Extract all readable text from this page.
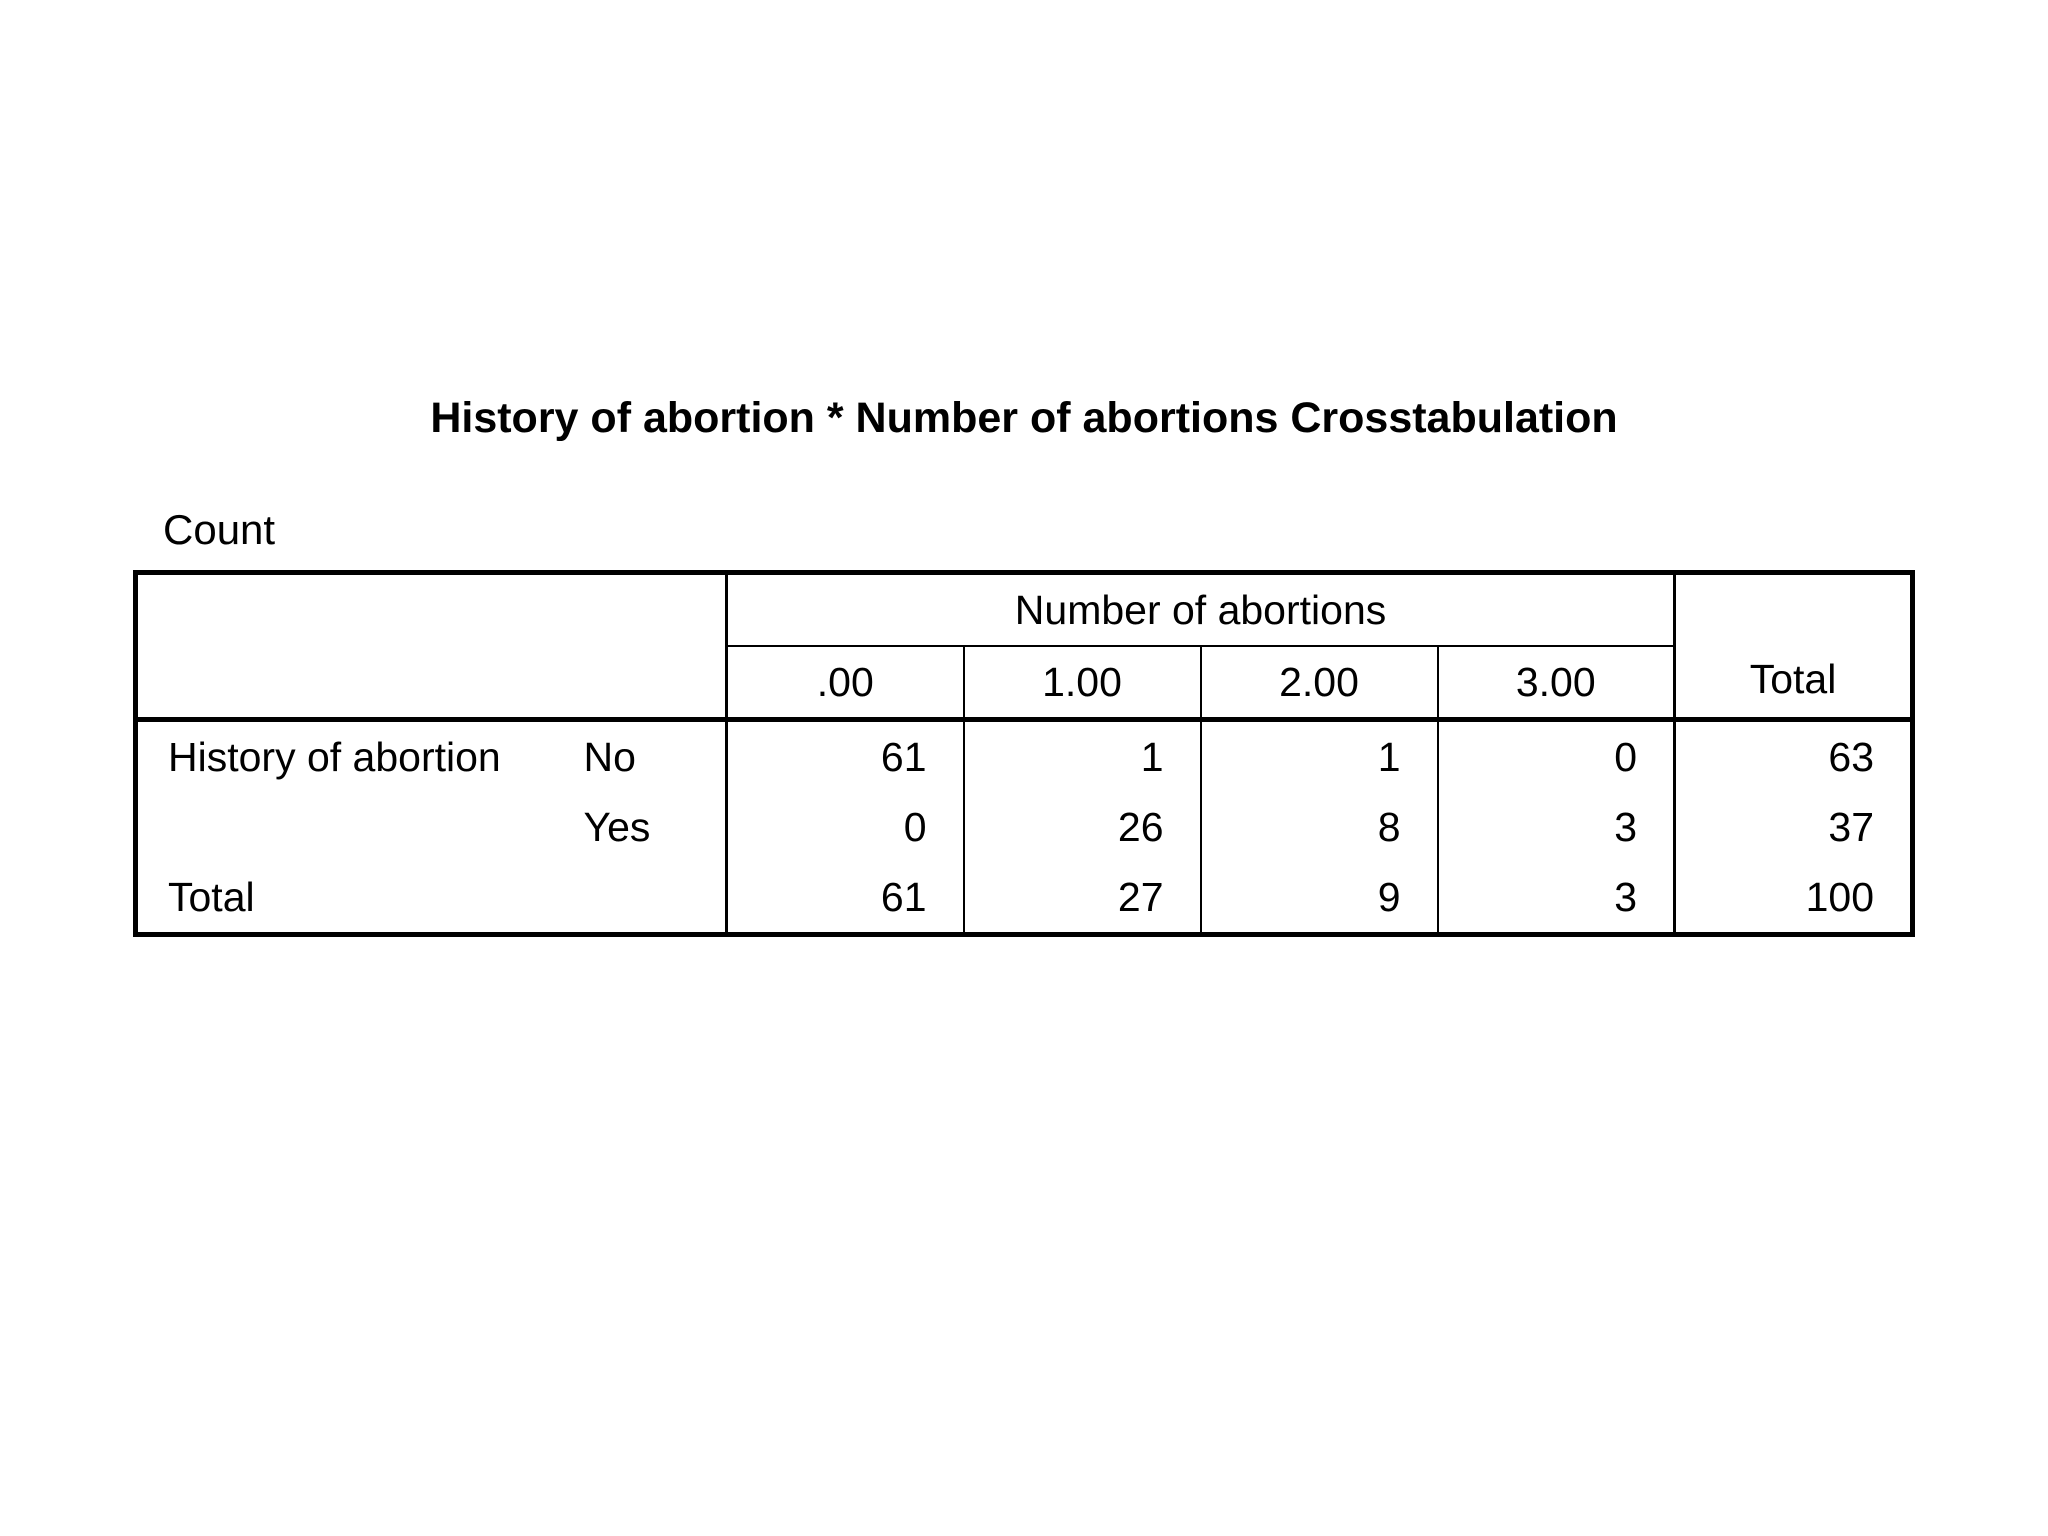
History of abortion * Number of abortions Crosstabulation
Count
		Number of abortions				Total
		.00	1.00	2.00	3.00	
History of abortion	No	61	1	1	0	63
	Yes	0	26	8	3	37
Total		61	27	9	3	100
